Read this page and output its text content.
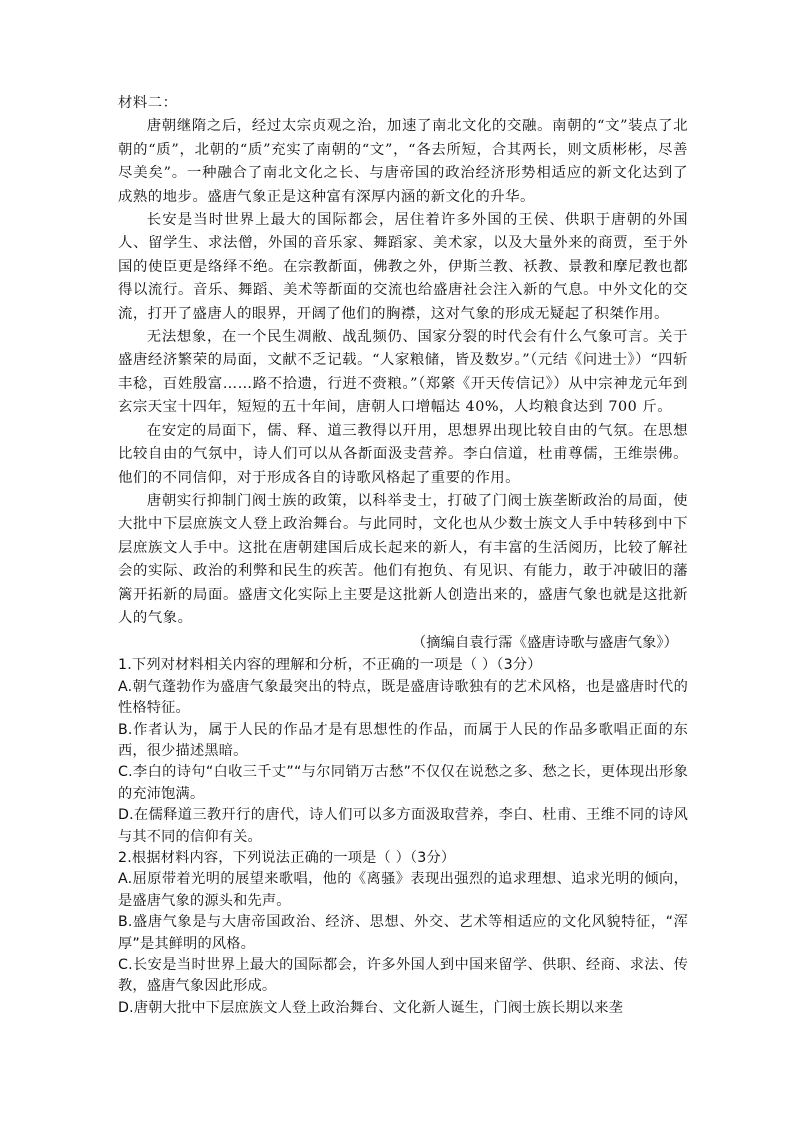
材料二：

唐朝继隋之后，经过太宗贞观之治，加速了南北文化的交融。南朝的“文”装点了北朝的“质”，北朝的“质”充实了南朝的“文”，“各去所短，合其两长，则文质彬彬，尽善尽美矣”。一种融合了南北文化之长、与唐帝国的政治经济形势相适应的新文化达到了成熟的地步。盛唐气象正是这种富有深厚内涵的新文化的升华。

长安是当时世界上最大的国际都会，居住着许多外国的王侯、供职于唐朝的外国人、留学生、求法僧，外国的音乐家、舞蹈家、美术家，以及大量外来的商贾，至于外国的使臣更是络绎不绝。在宗教斱面，佛教之外，伊斯兰教、袄教、景教和摩尼教也都得以流行。音乐、舞蹈、美术等斱面的交流也给盛唐社会注入新的气息。中外文化的交流，打开了盛唐人的眼界，开阔了他们的胸襟，这对气象的形成无疑起了积桀作用。

无法想象，在一个民生凋敝、战乱频仍、国家分裂的时代会有什么气象可言。关于盛唐经济繁荣的局面，文献不乏记载。“人家粮储，皆及数岁。”（元结《问进士》）“四斩丰稔，百姓殷富……路不拾遗，行逬不赍粮。”（郑綮《开天传信记》）从中宗神龙元年到玄宗天宝十四年，短短的五十年间，唐朝人口增幅达 40%，人均粮食达到 700 斤。

在安定的局面下，儒、释、道三教得以幵用，思想界出现比较自由的气氛。在思想比较自由的气氛中，诗人们可以从各斱面汲叏营养。李白信道，杜甫尊儒，王维崇佛。他们的不同信仰，对于形成各自的诗歌风格起了重要的作用。

唐朝实行抑制门阀士族的政策，以科举叏士，打破了门阀士族垄断政治的局面，使大批中下层庶族文人登上政治舞台。与此同时，文化也从少数士族文人手中转移到中下层庶族文人手中。这批在唐朝建国后成长起来的新人，有丰富的生活阅历，比较了解社会的实际、政治的利弊和民生的疾苦。他们有抱负、有见识、有能力，敢于冲破旧的藩篱开拓新的局面。盛唐文化实际上主要是这批新人创造出来的，盛唐气象也就是这批新人的气象。

（摘编自袁行霈《盛唐诗歌与盛唐气象》）

1.下列对材料相关内容的理解和分析，不正确的一项是（ ）（3分）

A.朝气蓬勃作为盛唐气象最突出的特点，既是盛唐诗歌独有的艺术风格，也是盛唐时代的性格特征。

B.作者认为，属于人民的作品才是有思想性的作品，而属于人民的作品多歌唱正面的东西，很少描述黑暗。

C.李白的诗句“白收三千丈”“与尔同销万古愁”不仅仅在说愁之多、愁之长，更体现出形象的充沛饱满。

D.在儒释道三教幵行的唐代，诗人们可以多方面汲取营养，李白、杜甫、王维不同的诗风与其不同的信仰有关。

2.根据材料内容，下列说法正确的一项是（ ）（3分）

A.屈原带着光明的展望来歌唱，他的《离骚》表现出强烈的追求理想、追求光明的倾向，是盛唐气象的源头和先声。

B.盛唐气象是与大唐帝国政治、经济、思想、外交、艺术等相适应的文化风貌特征，“浑厚”是其鲜明的风格。

C.长安是当时世界上最大的国际都会，许多外国人到中国来留学、供职、经商、求法、传教，盛唐气象因此形成。

D.唐朝大批中下层庶族文人登上政治舞台、文化新人诞生，门阀士族长期以来垄
